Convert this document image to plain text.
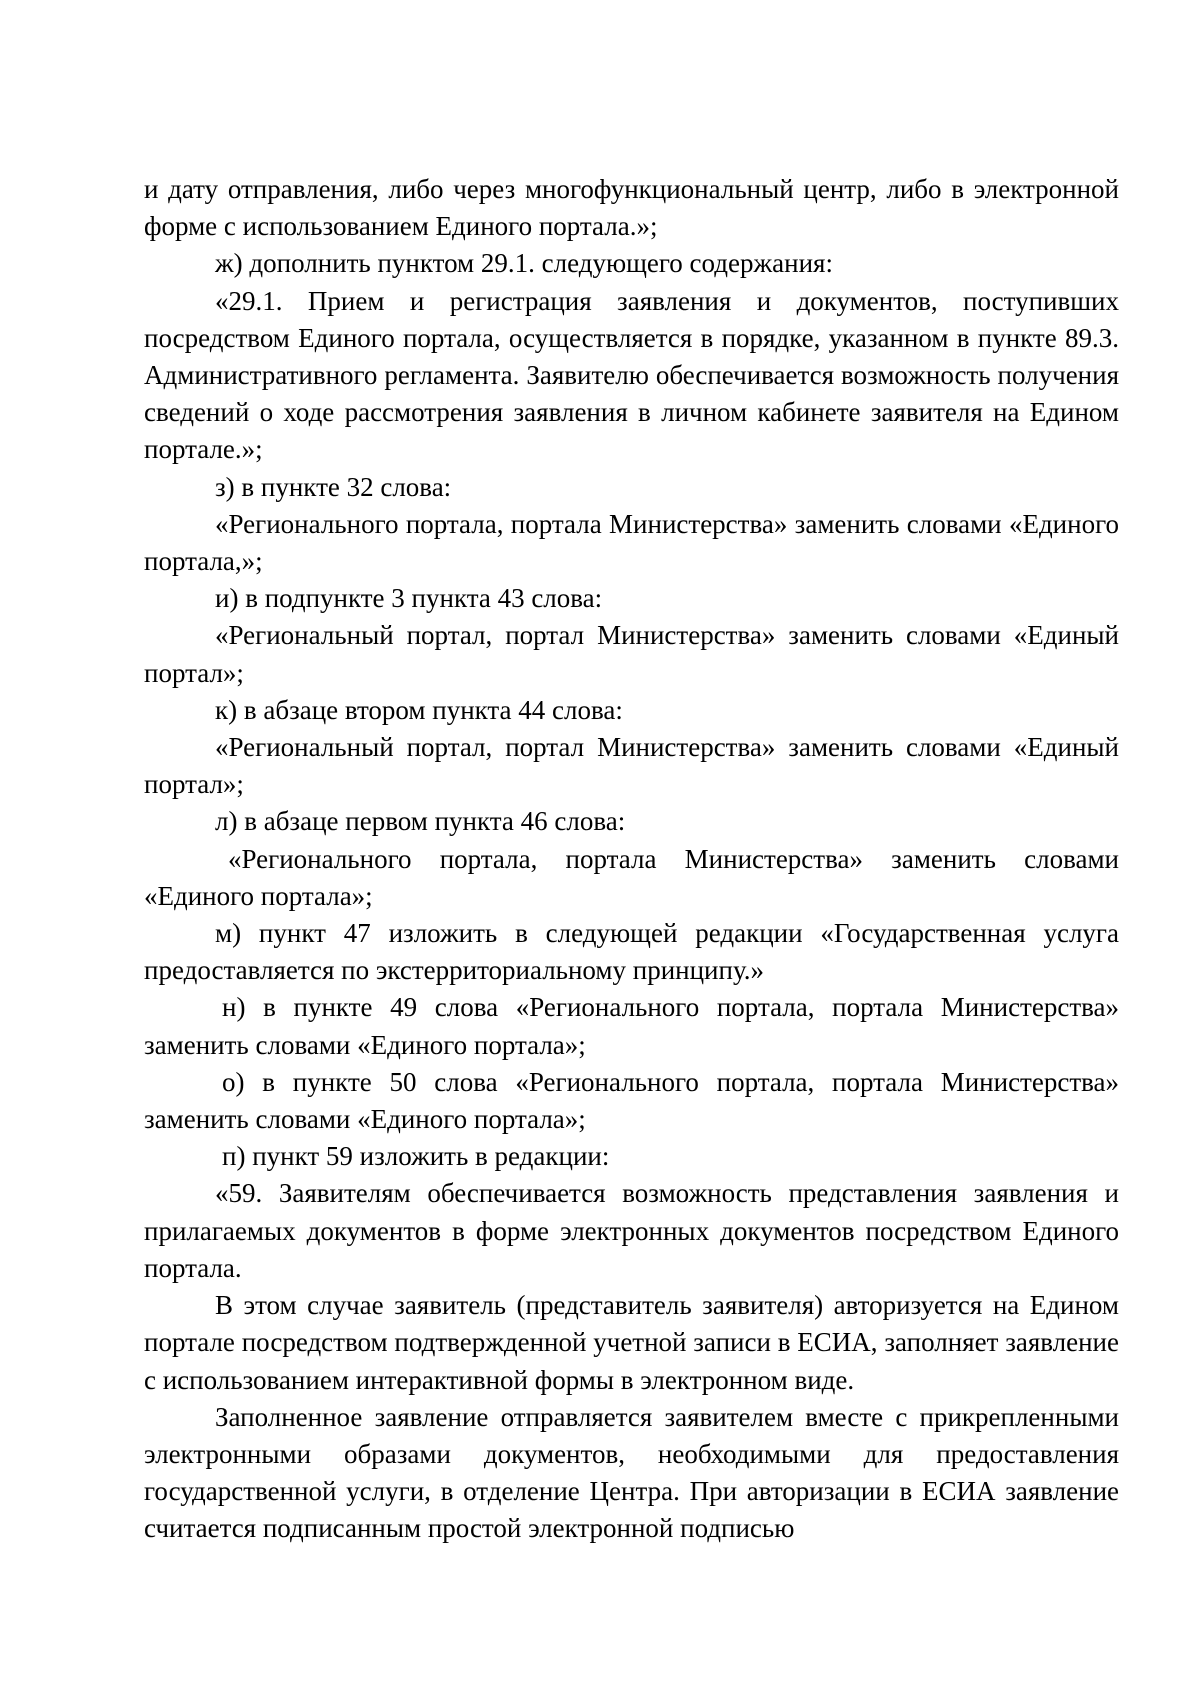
и дату отправления, либо через многофункциональный центр, либо в электронной форме с использованием Единого портала.»;

ж) дополнить пунктом 29.1. следующего содержания:

«29.1. Прием и регистрация заявления и документов, поступивших посредством Единого портала, осуществляется в порядке, указанном в пункте 89.3. Административного регламента. Заявителю обеспечивается возможность получения сведений о ходе рассмотрения заявления в личном кабинете заявителя на Едином портале.»;

з) в пункте 32 слова:

«Регионального портала, портала Министерства» заменить словами «Единого портала,»;

и) в подпункте 3 пункта 43 слова:

«Региональный портал, портал Министерства» заменить словами «Единый портал»;

к) в абзаце втором пункта 44 слова:

«Региональный портал, портал Министерства» заменить словами «Единый портал»;

л) в абзаце первом пункта 46 слова:

«Регионального портала, портала Министерства» заменить словами «Единого портала»;

м) пункт 47 изложить в следующей редакции «Государственная услуга предоставляется по экстерриториальному принципу.»

н) в пункте 49 слова «Регионального портала, портала Министерства» заменить словами «Единого портала»;

о) в пункте 50 слова «Регионального портала, портала Министерства» заменить словами «Единого портала»;

п) пункт 59 изложить в редакции:

«59. Заявителям обеспечивается возможность представления заявления и прилагаемых документов в форме электронных документов посредством Единого портала.

В этом случае заявитель (представитель заявителя) авторизуется на Едином портале посредством подтвержденной учетной записи в ЕСИА, заполняет заявление с использованием интерактивной формы в электронном виде.

Заполненное заявление отправляется заявителем вместе с прикрепленными электронными образами документов, необходимыми для предоставления государственной услуги, в отделение Центра. При авторизации в ЕСИА заявление считается подписанным простой электронной подписью
